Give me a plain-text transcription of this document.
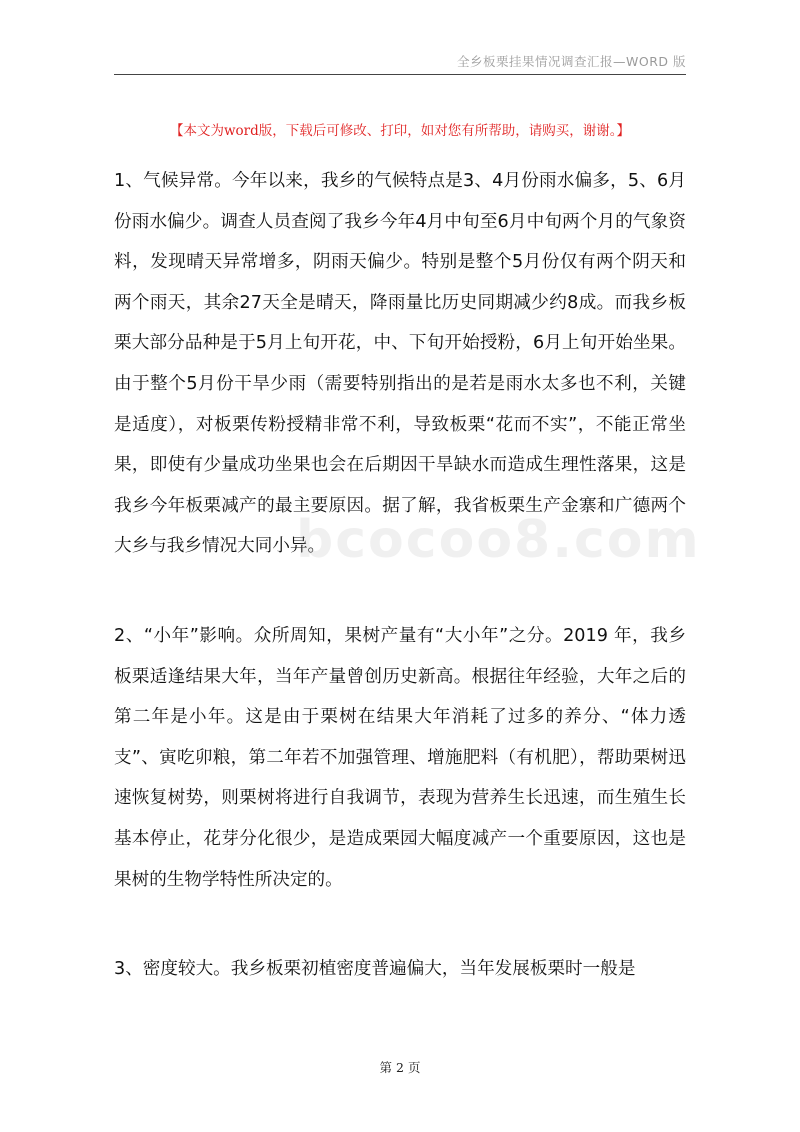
全乡板栗挂果情况调查汇报—WORD 版
【本文为word版，下载后可修改、打印，如对您有所帮助，请购买，谢谢。】

1、气候异常。今年以来，我乡的气候特点是3、4月份雨水偏多，5、6月份雨水偏少。调查人员查阅了我乡今年4月中旬至6月中旬两个月的气象资料，发现晴天异常增多，阴雨天偏少。特别是整个5月份仅有两个阴天和两个雨天，其余27天全是晴天，降雨量比历史同期减少约8成。而我乡板栗大部分品种是于5月上旬开花，中、下旬开始授粉，6月上旬开始坐果。由于整个5月份干旱少雨（需要特别指出的是若是雨水太多也不利，关键是适度），对板栗传粉授精非常不利，导致板栗“花而不实”，不能正常坐果，即使有少量成功坐果也会在后期因干旱缺水而造成生理性落果，这是我乡今年板栗减产的最主要原因。据了解，我省板栗生产金寨和广德两个大乡与我乡情况大同小异。

2、“小年”影响。众所周知，果树产量有“大小年”之分。2019 年，我乡板栗适逢结果大年，当年产量曾创历史新高。根据往年经验，大年之后的第二年是小年。这是由于栗树在结果大年消耗了过多的养分、“体力透支”、寅吃卯粮，第二年若不加强管理、增施肥料（有机肥），帮助栗树迅速恢复树势，则栗树将进行自我调节，表现为营养生长迅速，而生殖生长基本停止，花芽分化很少，是造成栗园大幅度减产一个重要原因，这也是果树的生物学特性所决定的。

3、密度较大。我乡板栗初植密度普遍偏大，当年发展板栗时一般是

bcocoo8.com
第 2 页
